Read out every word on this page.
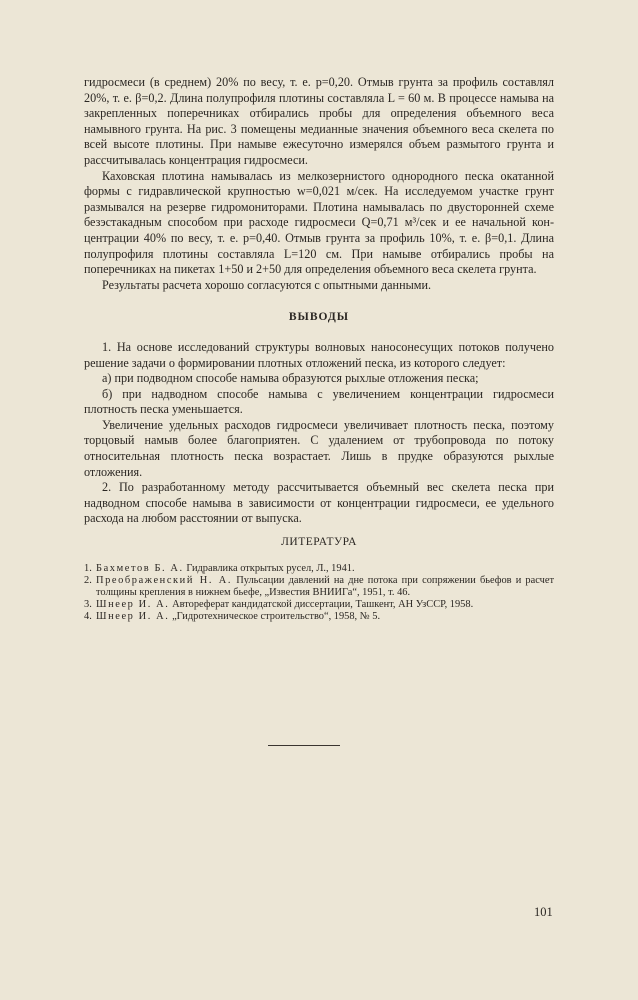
гидросмеси (в среднем) 20% по весу, т. е. p=0,20. Отмыв грунта за профиль составлял 20%, т. е. β=0,2. Длина полупрофиля плотины составляла L = 60 м. В процессе намыва на закрепленных поперечниках отбирались пробы для определения объемного веса намывного грунта. На рис. 3 помещены медианные значения объемного веса скелета по всей высоте плотины. При намыве ежесуточно измерялся объем размытого грунта и рассчитывалась концентрация гидросмеси.

Каховская плотина намывалась из мелкозернистого однородного песка окатанной формы с гидравлической крупностью w=0,021 м/сек. На исследуемом участке грунт размывался на резерве гидромониторами. Плотина намывалась по двусторонней схеме безэстакадным способом при расходе гидросмеси Q=0,71 м³/сек и ее начальной концентрации 40% по весу, т. е. p=0,40. Отмыв грунта за профиль 10%, т. е. β=0,1. Длина полупрофиля плотины составляла L=120 см. При намыве отбирались пробы на поперечниках на пикетах 1+50 и 2+50 для определения объемного веса скелета грунта.

Результаты расчета хорошо согласуются с опытными данными.

ВЫВОДЫ

1. На основе исследований структуры волновых наносонесущих потоков получено решение задачи о формировании плотных отложений песка, из которого следует:

а) при подводном способе намыва образуются рыхлые отложения песка;

б) при надводном способе намыва с увеличением концентрации гидросмеси плотность песка уменьшается.

Увеличение удельных расходов гидросмеси увеличивает плотность песка, поэтому торцовый намыв более благоприятен. С удалением от трубопровода по потоку относительная плотность песка возрастает. Лишь в прудке образуются рыхлые отложения.

2. По разработанному методу рассчитывается объемный вес скелета песка при надводном способе намыва в зависимости от концентрации гидросмеси, ее удельного расхода на любом расстоянии от выпуска.

ЛИТЕРАТУРА
1. Бахметов Б. А. Гидравлика открытых русел, Л., 1941.
2. Преображенский Н. А. Пульсации давлений на дне потока при сопряжении бьефов и расчет толщины крепления в нижнем бьефе, „Известия ВНИИГа“, 1951, т. 46.
3. Шнеер И. А. Автореферат кандидатской диссертации, Ташкент, АН УзССР, 1958.
4. Шнеер И. А. „Гидротехническое строительство“, 1958, № 5.
101
